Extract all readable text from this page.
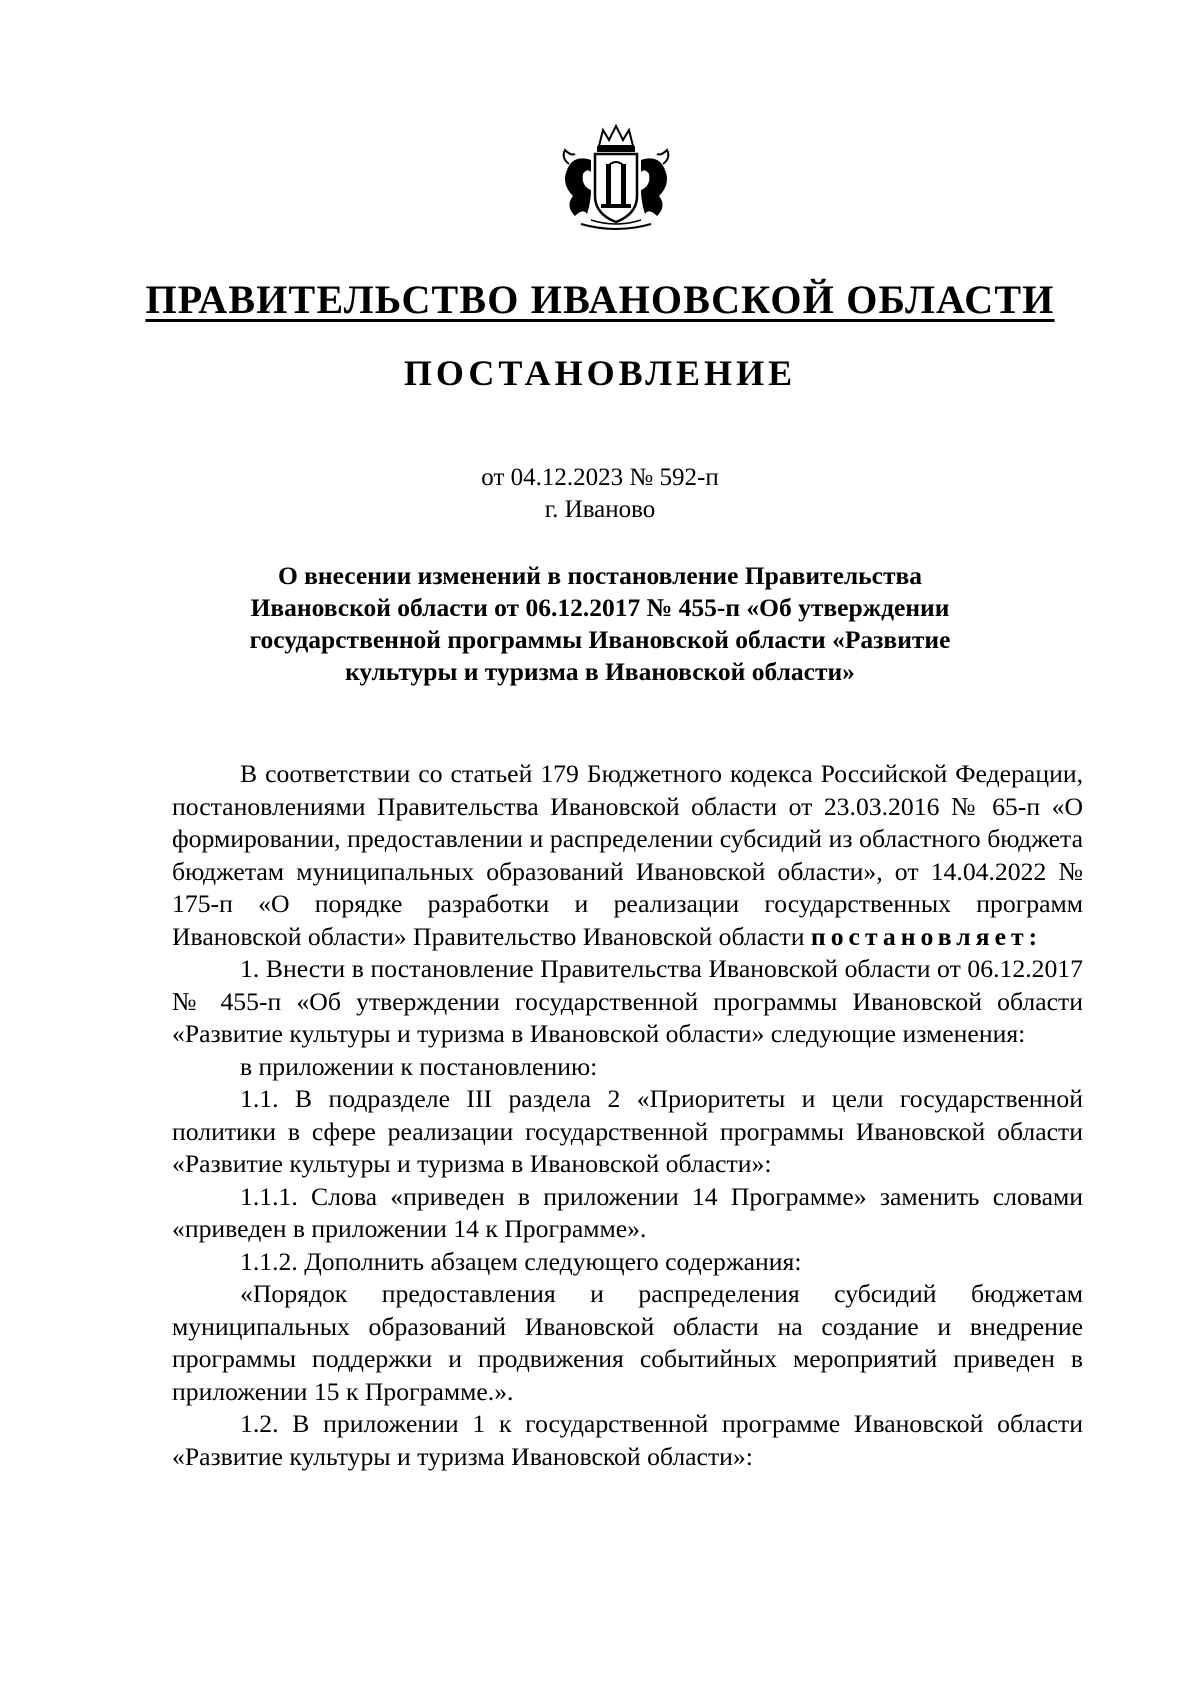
ПРАВИТЕЛЬСТВО ИВАНОВСКОЙ ОБЛАСТИ
ПОСТАНОВЛЕНИЕ
от 04.12.2023 № 592-п
г. Иваново
О внесении изменений в постановление Правительства
Ивановской области от 06.12.2017 № 455-п «Об утверждении
государственной программы Ивановской области «Развитие
культуры и туризма в Ивановской области»

В соответствии со статьей 179 Бюджетного кодекса Российской Федерации, постановлениями Правительства Ивановской области от 23.03.2016 № 65-п «О формировании, предоставлении и распределении субсидий из областного бюджета бюджетам муниципальных образований Ивановской области», от 14.04.2022 № 175-п «О порядке разработки и реализации государственных программ Ивановской области» Правительство Ивановской области постановляет:

1. Внести в постановление Правительства Ивановской области от 06.12.2017 № 455-п «Об утверждении государственной программы Ивановской области «Развитие культуры и туризма в Ивановской области» следующие изменения:

в приложении к постановлению:

1.1. В подразделе III раздела 2 «Приоритеты и цели государственной политики в сфере реализации государственной программы Ивановской области «Развитие культуры и туризма в Ивановской области»:

1.1.1. Слова «приведен в приложении 14 Программе» заменить словами «приведен в приложении 14 к Программе».

1.1.2. Дополнить абзацем следующего содержания:

«Порядок предоставления и распределения субсидий бюджетам муниципальных образований Ивановской области на создание и внедрение программы поддержки и продвижения событийных мероприятий приведен в приложении 15 к Программе.».

1.2. В приложении 1 к государственной программе Ивановской области «Развитие культуры и туризма Ивановской области»:
